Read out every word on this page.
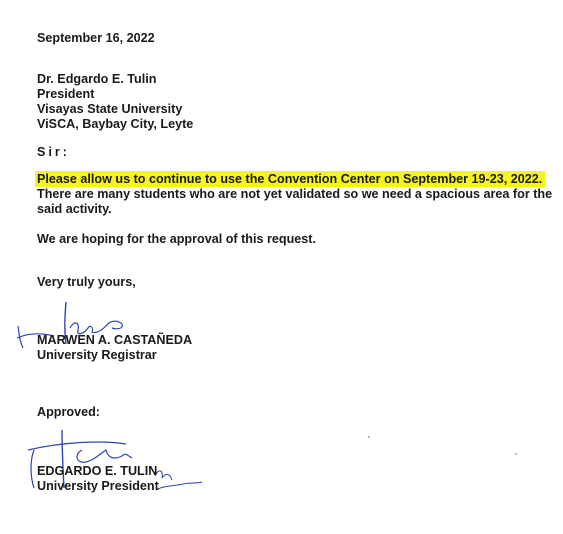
September 16, 2022
Dr. Edgardo E. Tulin
President
Visayas State University
ViSCA, Baybay City, Leyte
Sir:
Please allow us to continue to use the Convention Center on September 19-23, 2022.
There are many students who are not yet validated so we need a spacious area for the
said activity.
We are hoping for the approval of this request.
Very truly yours,
MARWEN A. CASTAÑEDA
University Registrar
Approved:
EDGARDO E. TULIN
University President
